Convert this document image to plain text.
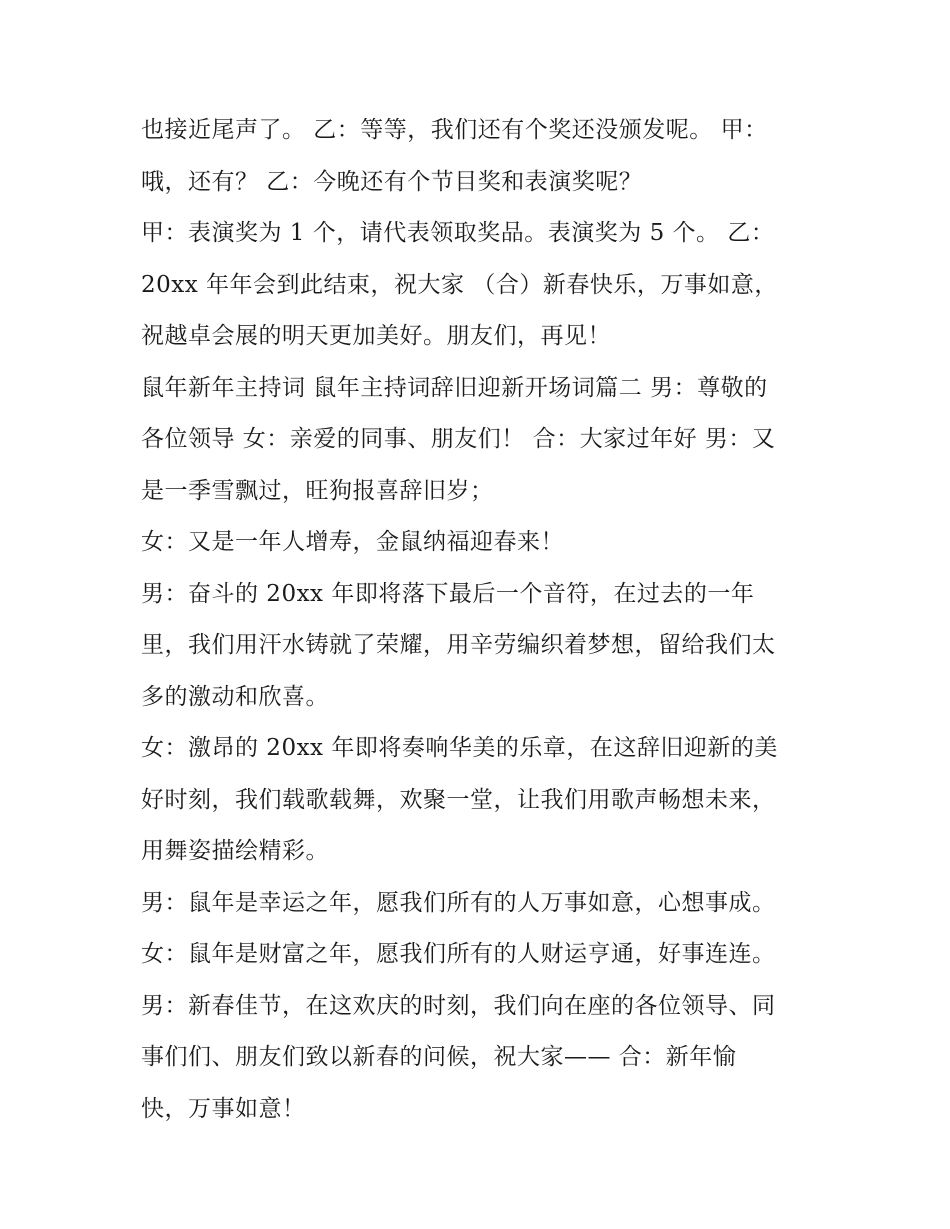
也接近尾声了。 乙：等等，我们还有个奖还没颁发呢。 甲：
哦，还有？ 乙：今晚还有个节目奖和表演奖呢？
甲：表演奖为 1 个，请代表领取奖品。表演奖为 5 个。 乙：
20xx 年年会到此结束，祝大家 （合）新春快乐，万事如意，
祝越卓会展的明天更加美好。朋友们，再见！
鼠年新年主持词 鼠年主持词辞旧迎新开场词篇二 男：尊敬的
各位领导 女：亲爱的同事、朋友们！ 合：大家过年好 男：又
是一季雪飘过，旺狗报喜辞旧岁；
女：又是一年人增寿，金鼠纳福迎春来！
男：奋斗的 20xx 年即将落下最后一个音符，在过去的一年
里，我们用汗水铸就了荣耀，用辛劳编织着梦想，留给我们太
多的激动和欣喜。
女：激昂的 20xx 年即将奏响华美的乐章，在这辞旧迎新的美
好时刻，我们载歌载舞，欢聚一堂，让我们用歌声畅想未来，
用舞姿描绘精彩。
男：鼠年是幸运之年，愿我们所有的人万事如意，心想事成。
女：鼠年是财富之年，愿我们所有的人财运亨通，好事连连。
男：新春佳节，在这欢庆的时刻，我们向在座的各位领导、同
事们们、朋友们致以新春的问候，祝大家—— 合：新年愉
快，万事如意！
